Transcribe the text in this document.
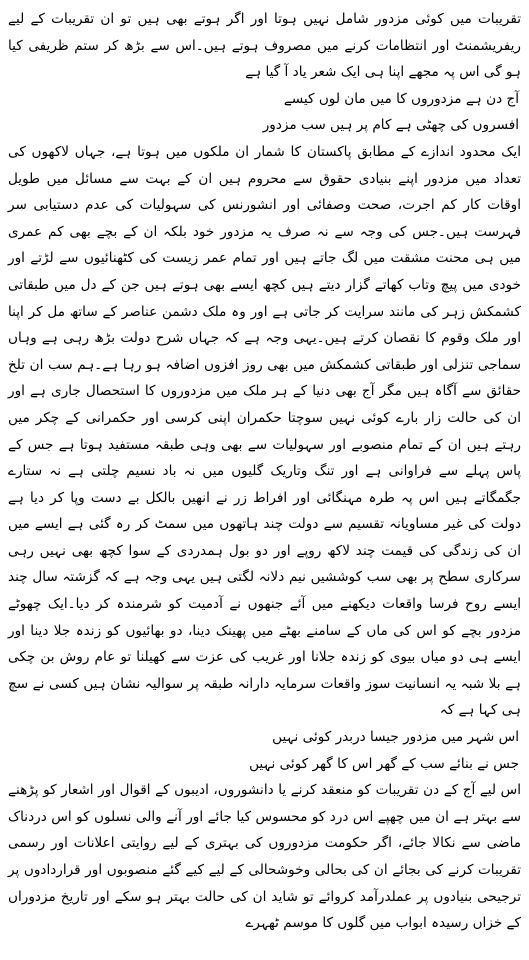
تقریبات میں کوئی مزدور شامل نہیں ہوتا اور اگر ہوتے بھی ہیں تو ان تقریبات کے لیے ریفریشمنٹ اور انتظامات کرنے میں مصروف ہوتے ہیں۔اس سے بڑھ کر ستم ظریفی کیا ہو گی اس پہ مجھے اپنا ہی ایک شعر یاد آ گیا ہے

آج دن ہے مزدوروں کا میں مان لوں کیسے

افسروں کی چھٹی ہے کام پر ہیں سب مزدور

ایک محدود اندازے کے مطابق پاکستان کا شمار ان ملکوں میں ہوتا ہے، جہاں لاکھوں کی تعداد میں مزدور اپنے بنیادی حقوق سے محروم ہیں ان کے بہت سے مسائل میں طویل اوقات کار کم اجرت، صحت وصفائی اور انشورنس کی سہولیات کی عدم دستیابی سر فہرست ہیں۔جس کی وجہ سے نہ صرف یہ مزدور خود بلکہ ان کے بچے بھی کم عمری میں ہی محنت مشقت میں لگ جاتے ہیں اور تمام عمر زیست کی کٹھنائیوں سے لڑتے اور خودی میں پیچ وتاب کھاتے گزار دیتے ہیں کچھ ایسے بھی ہوتے ہیں جن کے دل میں طبقاتی کشمکش زہر کی مانند سرایت کر جاتی ہے اور وہ ملک دشمن عناصر کے ساتھ مل کر اپنا اور ملک وقوم کا نقصان کرتے ہیں۔یہی وجہ ہے کہ جہاں شرح دولت بڑھ رہی ہے وہاں سماجی تنزلی اور طبقاتی کشمکش میں بھی روز افزوں اضافہ ہو رہا ہے۔ہم سب ان تلخ حقائق سے آگاہ ہیں مگر آج بھی دنیا کے ہر ملک میں مزدوروں کا استحصال جاری ہے اور ان کی حالت زار بارے کوئی نہیں سوچتا حکمران اپنی کرسی اور حکمرانی کے چکر میں رہتے ہیں ان کے تمام منصوبے اور سہولیات سے بھی وہی طبقہ مستفید ہوتا ہے جس کے پاس پہلے سے فراوانی ہے اور تنگ وتاریک گلیوں میں نہ باد نسیم چلتی ہے نہ ستارے جگمگاتے ہیں اس پہ طرہ مہنگائی اور افراط زر نے انھیں بالکل بے دست وپا کر دیا ہے دولت کی غیر مساویانہ تقسیم سے دولت چند ہاتھوں میں سمٹ کر رہ گئی ہے ایسے میں ان کی زندگی کی قیمت چند لاکھ روپے اور دو بول ہمدردی کے سوا کچھ بھی نہیں رہی سرکاری سطح پر بھی سب کوششیں نیم دلانہ لگتی ہیں یہی وجہ ہے کہ گزشتہ سال چند ایسے روح فرسا واقعات دیکھنے میں آئے جنھوں نے آدمیت کو شرمندہ کر دیا۔ایک چھوٹے مزدور بچے کو اس کی ماں کے سامنے بھٹے میں پھینک دینا، دو بھائیوں کو زندہ جلا دینا اور ایسے ہی دو میاں بیوی کو زندہ جلانا اور غریب کی عزت سے کھیلنا تو عام روش بن چکی ہے بلا شبہ یہ انسانیت سوز واقعات سرمایہ دارانہ طبقہ پر سوالیہ نشان ہیں کسی نے سچ ہی کہا ہے کہ

اس شہر میں مزدور جیسا دربدر کوئی نہیں

جس نے بنائے سب کے گھر اس کا گھر کوئی نہیں

اس لیے آج کے دن تقریبات کو منعقد کرنے یا دانشوروں، ادیبوں کے اقوال اور اشعار کو پڑھنے سے بہتر ہے ان میں چھپے اس درد کو محسوس کیا جائے اور آنے والی نسلوں کو اس دردناک ماضی سے نکالا جائے، اگر حکومت مزدوروں کی بہتری کے لیے روایتی اعلانات اور رسمی تقریبات کرنے کی بجائے ان کی بحالی وخوشحالی کے لیے کیے گئے منصوبوں اور قراردادوں پر ترجیحی بنیادوں پر عملدرآمد کروائے تو شاید ان کی حالت بہتر ہو سکے اور تاریخ مزدوراں کے خزاں رسیدہ ابواب میں گلوں کا موسم ٹھہرے
